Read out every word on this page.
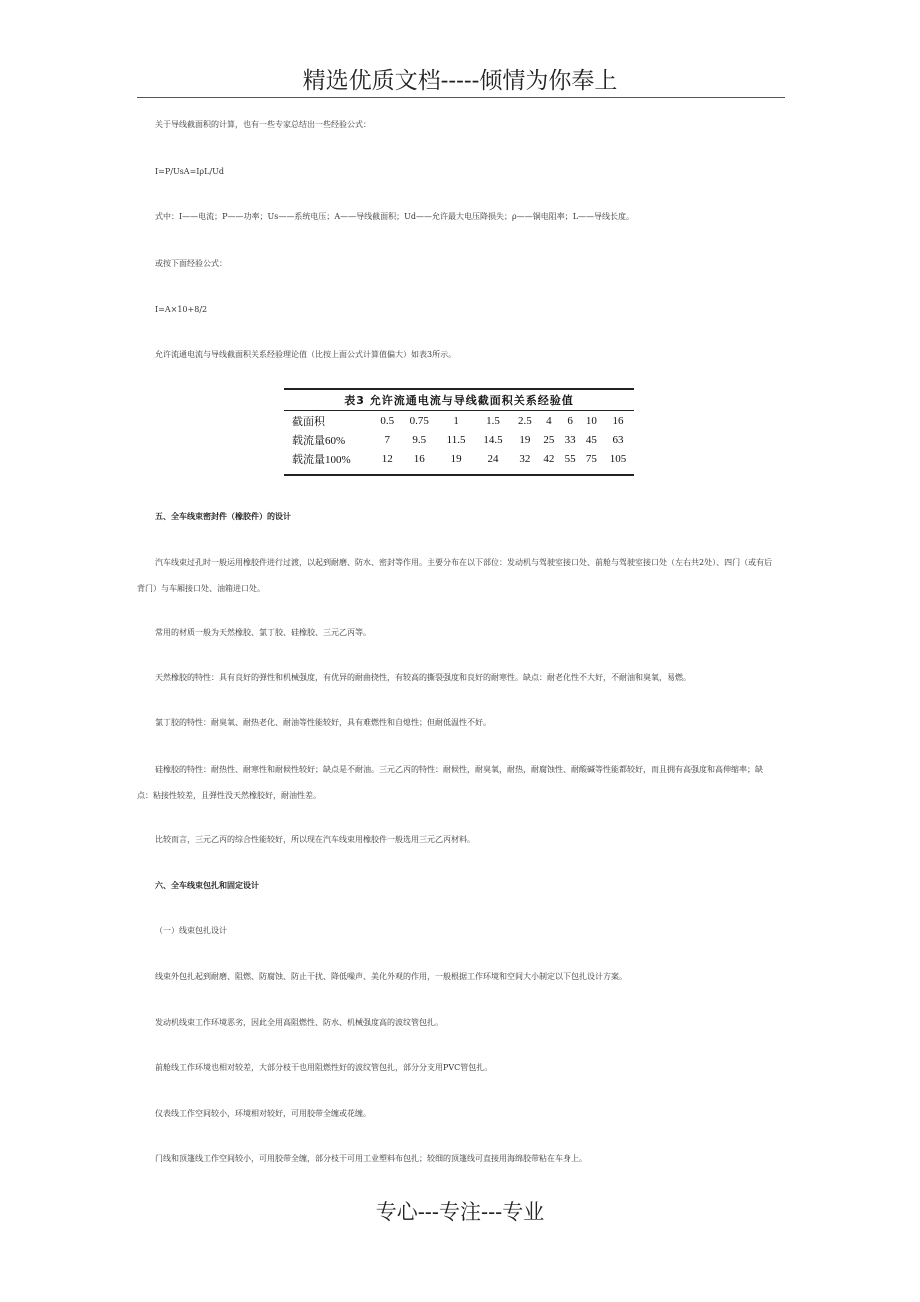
精选优质文档-----倾情为你奉上

关于导线截面积的计算，也有一些专家总结出一些经验公式：

I=P/UsA=IρL/Ud

式中：I——电流；P——功率；Us——系统电压；A——导线截面积；Ud——允许最大电压降损失；ρ——铜电阻率；L——导线长度。

或按下面经验公式：

I=A×10+8/2

允许流通电流与导线截面积关系经验理论值（比按上面公式计算值偏大）如表3所示。

表3 允许流通电流与导线截面积关系经验值
截面积	0.5	0.75	1	1.5	2.5	4	6	10	16
载流量60%	7	9.5	11.5	14.5	19	25	33	45	63
载流量100%	12	16	19	24	32	42	55	75	105

五、全车线束密封件（橡胶件）的设计

汽车线束过孔时一般运用橡胶件进行过渡，以起到耐磨、防水、密封等作用。主要分布在以下部位：发动机与驾驶室接口处、前舱与驾驶室接口处（左右共2处）、四门（或有后背门）与车厢接口处、油箱进口处。

常用的材质一般为天然橡胶、氯丁胶、硅橡胶、三元乙丙等。

天然橡胶的特性：具有良好的弹性和机械强度，有优异的耐曲挠性，有较高的撕裂强度和良好的耐寒性。缺点：耐老化性不大好，不耐油和臭氧，易燃。

氯丁胶的特性：耐臭氧、耐热老化、耐油等性能较好，具有难燃性和自熄性；但耐低温性不好。

硅橡胶的特性：耐热性、耐寒性和耐候性较好；缺点是不耐油。三元乙丙的特性：耐候性，耐臭氧，耐热，耐腐蚀性、耐酸碱等性能都较好，而且拥有高强度和高伸缩率；缺点：粘接性较差，且弹性没天然橡胶好，耐油性差。

比较而言，三元乙丙的综合性能较好，所以现在汽车线束用橡胶件一般选用三元乙丙材料。

六、全车线束包扎和固定设计

（一）线束包扎设计

线束外包扎起到耐磨、阻燃、防腐蚀、防止干扰、降低噪声、美化外观的作用，一般根据工作环境和空间大小制定以下包扎设计方案。

发动机线束工作环境恶劣，因此全用高阻燃性、防水、机械强度高的波纹管包扎。

前舱线工作环境也相对较差，大部分枝干也用阻燃性好的波纹管包扎，部分分支用PVC管包扎。

仪表线工作空间较小，环境相对较好，可用胶带全缠或花缠。

门线和顶篷线工作空间较小，可用胶带全缠，部分枝干可用工业塑料布包扎；较细的顶篷线可直接用海绵胶带粘在车身上。

专心---专注---专业
